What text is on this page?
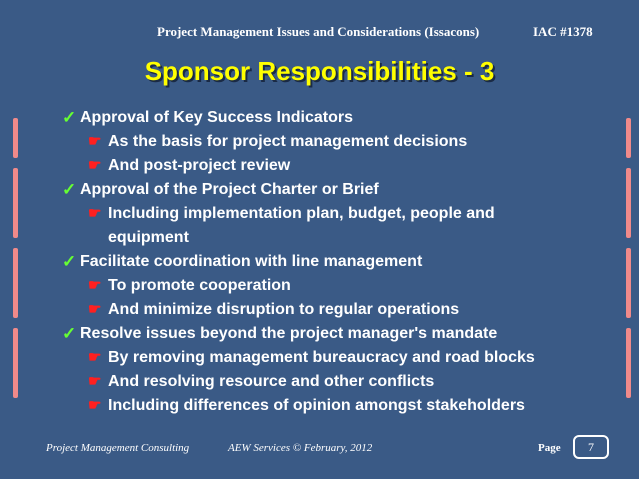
Project Management Issues and Considerations (Issacons)	IAC #1378
Sponsor Responsibilities - 3
✓ Approval of Key Success Indicators
☛ As the basis for project management decisions
☛ And post-project review
✓ Approval of the Project Charter or Brief
☛ Including implementation plan, budget, people and
equipment
✓ Facilitate coordination with line management
☛ To promote cooperation
☛ And minimize disruption to regular operations
✓ Resolve issues beyond the project manager's mandate
☛ By removing management bureaucracy and road blocks
☛ And resolving resource and other conflicts
☛ Including differences of opinion amongst stakeholders
Project Management Consulting	AEW Services © February, 2012	Page	7
